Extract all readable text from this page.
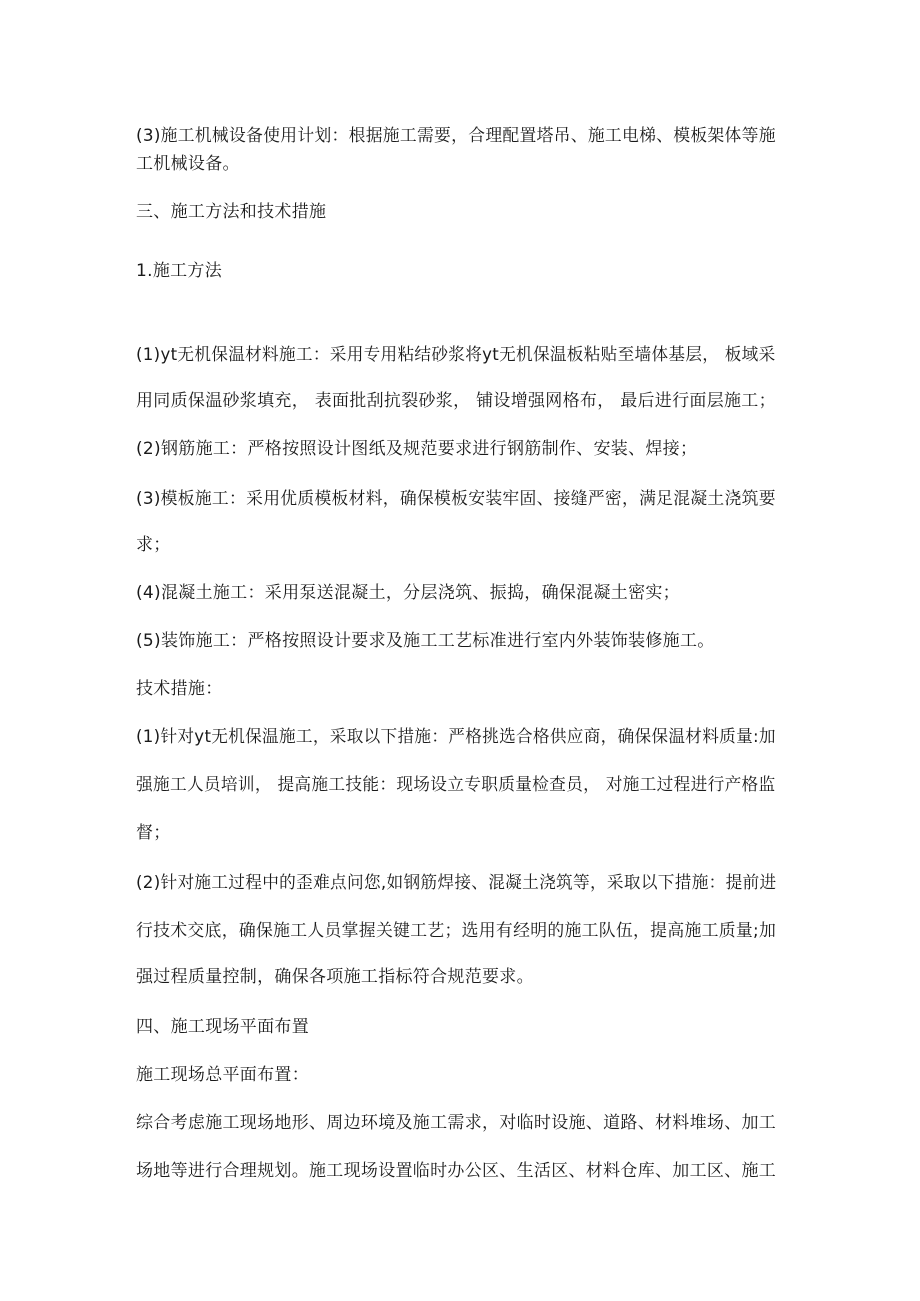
(3)施工机械设备使用计划：根据施工需要，合理配置塔吊、施工电梯、模板架体等施
工机械设备。
三、施工方法和技术措施
1.施工方法
(1)yt无机保温材料施工：采用专用粘结砂浆将yt无机保温板粘贴至墙体基层， 板域采
用同质保温砂浆填充， 表面批刮抗裂砂浆， 铺设增强网格布， 最后进行面层施工；
(2)钢筋施工：严格按照设计图纸及规范要求进行钢筋制作、安装、焊接；
(3)模板施工：采用优质模板材料，确保模板安装牢固、接缝严密，满足混凝土浇筑要
求；
(4)混凝土施工：采用泵送混凝土，分层浇筑、振捣，确保混凝土密实；
(5)装饰施工：严格按照设计要求及施工工艺标准进行室内外装饰装修施工。
技术措施：
(1)针对yt无机保温施工，采取以下措施：严格挑选合格供应商，确保保温材料质量:加
强施工人员培训， 提高施工技能：现场设立专职质量检查员， 对施工过程进行产格监
督；
(2)针对施工过程中的歪难点问您,如钢筋焊接、混凝土浇筑等，采取以下措施：提前进
行技术交底，确保施工人员掌握关键工艺；选用有经明的施工队伍，提高施工质量;加
强过程质量控制，确保各项施工指标符合规范要求。
四、施工现场平面布置
施工现场总平面布置：
综合考虑施工现场地形、周边环境及施工需求，对临时设施、道路、材料堆场、加工
场地等进行合理规划。施工现场设置临时办公区、生活区、材料仓库、加工区、施工
